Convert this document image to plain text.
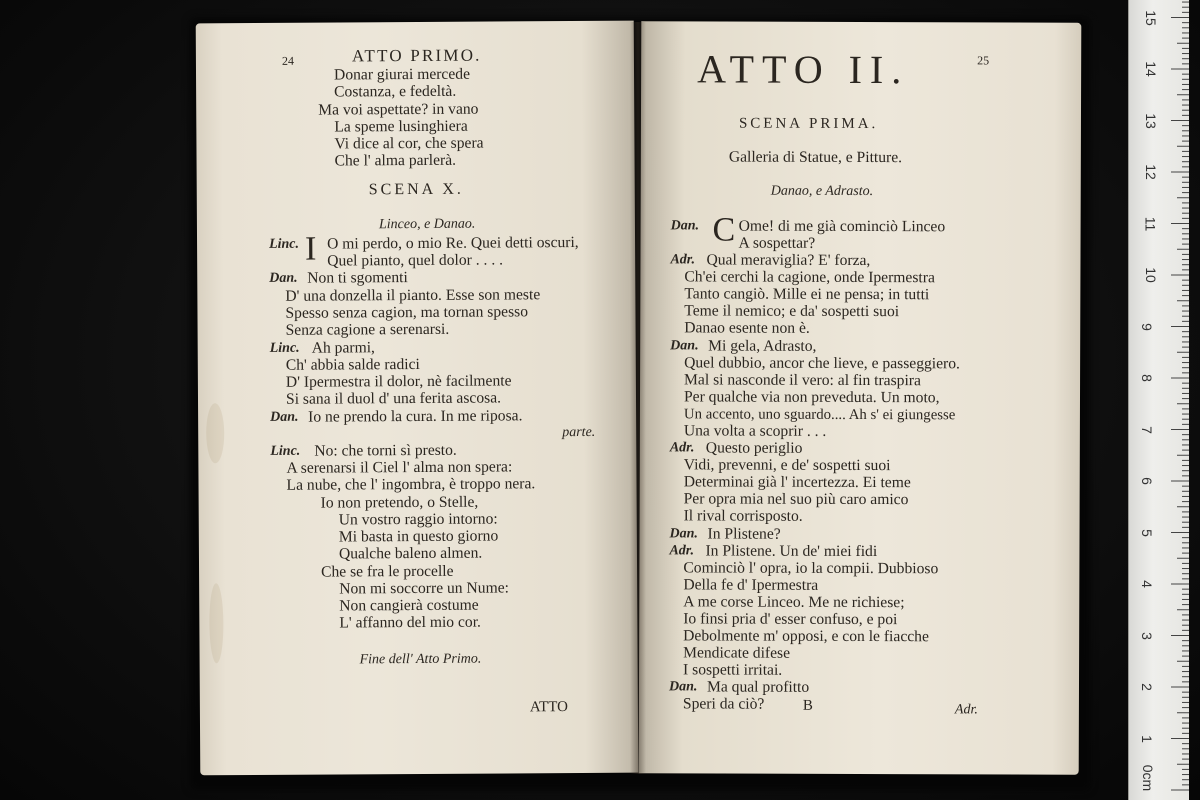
24	ATTO PRIMO.
Donar giurai mercede
Costanza, e fedeltà.
Ma voi aspettate? in vano
La speme lusinghiera
Vi dice al cor, che spera
Che l' alma parlerà.
SCENA X.
Linceo, e Danao.
Linc. I O mi perdo, o mio Re. Quei detti oscuri,
Quel pianto, quel dolor . . . .
Dan. Non ti sgomenti
D' una donzella il pianto. Esse son meste
Spesso senza cagion, ma tornan spesso
Senza cagione a serenarsi.
Linc. Ah parmi,
Ch' abbia salde radici
D' Ipermestra il dolor, nè facilmente
Si sana il duol d' una ferita ascosa.
Dan. Io ne prendo la cura. In me riposa.
parte.
Linc. No: che torni sì presto.
A serenarsi il Ciel l' alma non spera:
La nube, che l' ingombra, è troppo nera.
Io non pretendo, o Stelle,
Un vostro raggio intorno:
Mi basta in questo giorno
Qualche baleno almen.
Che se fra le procelle
Non mi soccorre un Nume:
Non cangierà costume
L' affanno del mio cor.
Fine dell' Atto Primo.
ATTO
ATTO II.	25
SCENA PRIMA.
Galleria di Statue, e Pitture.
Danao, e Adrasto.
Dan. C Ome! di me già cominciò Linceo
A sospettar?
Adr. Qual meraviglia? E' forza,
Ch'ei cerchi la cagione, onde Ipermestra
Tanto cangiò. Mille ei ne pensa; in tutti
Teme il nemico; e da' sospetti suoi
Danao esente non è.
Dan. Mi gela, Adrasto,
Quel dubbio, ancor che lieve, e passeggiero.
Mal si nasconde il vero: al fin traspira
Per qualche via non preveduta. Un moto,
Un accento, uno sguardo.... Ah s' ei giungesse
Una volta a scoprir . . .
Adr. Questo periglio
Vidi, prevenni, e de' sospetti suoi
Determinai già l' incertezza. Ei teme
Per opra mia nel suo più caro amico
Il rival corrisposto.
Dan. In Plistene?
Adr. In Plistene. Un de' miei fidi
Cominciò l' opra, io la compii. Dubbioso
Della fe d' Ipermestra
A me corse Linceo. Me ne richiese;
Io finsi pria d' esser confuso, e poi
Debolmente m' opposi, e con le fiacche
Mendicate difese
I sospetti irritai.
Dan. Ma qual profitto
Speri da ciò?	B	Adr.
0cm
1
2
3
4
5
6
7
8
9
10
11
12
13
14
15
